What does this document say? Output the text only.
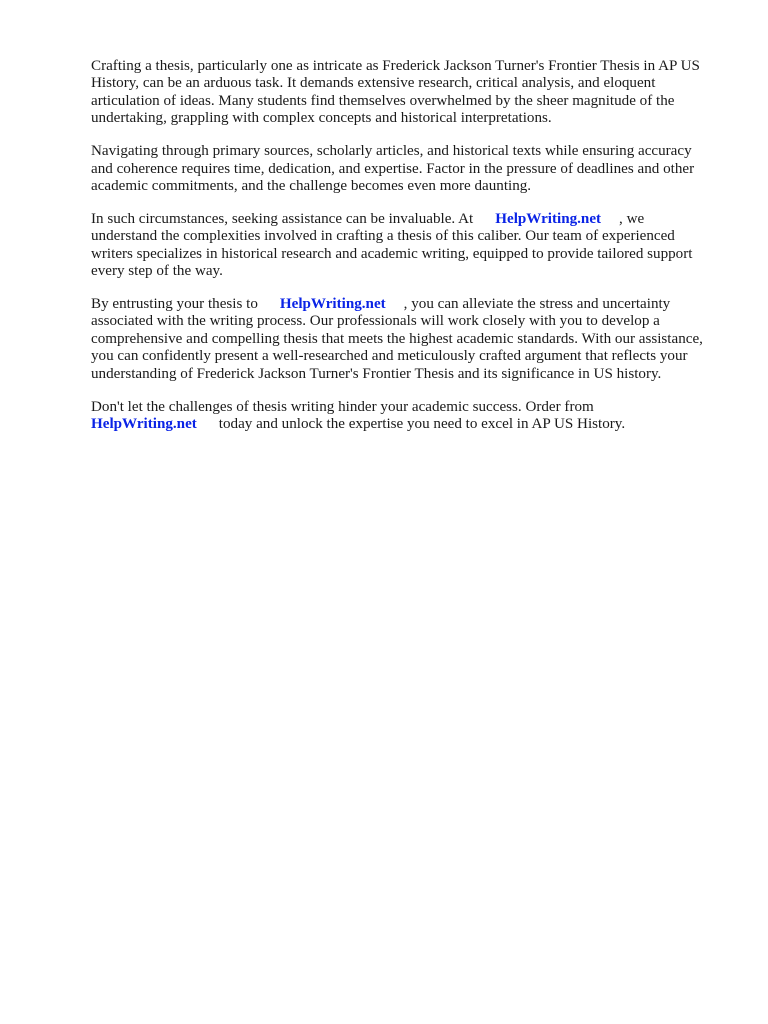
Crafting a thesis, particularly one as intricate as Frederick Jackson Turner's Frontier Thesis in AP US
History, can be an arduous task. It demands extensive research, critical analysis, and eloquent
articulation of ideas. Many students find themselves overwhelmed by the sheer magnitude of the
undertaking, grappling with complex concepts and historical interpretations.

Navigating through primary sources, scholarly articles, and historical texts while ensuring accuracy
and coherence requires time, dedication, and expertise. Factor in the pressure of deadlines and other
academic commitments, and the challenge becomes even more daunting.

In such circumstances, seeking assistance can be invaluable. At HelpWriting.net , we
understand the complexities involved in crafting a thesis of this caliber. Our team of experienced
writers specializes in historical research and academic writing, equipped to provide tailored support
every step of the way.

By entrusting your thesis to HelpWriting.net , you can alleviate the stress and uncertainty
associated with the writing process. Our professionals will work closely with you to develop a
comprehensive and compelling thesis that meets the highest academic standards. With our assistance,
you can confidently present a well-researched and meticulously crafted argument that reflects your
understanding of Frederick Jackson Turner's Frontier Thesis and its significance in US history.

Don't let the challenges of thesis writing hinder your academic success. Order from
HelpWriting.net today and unlock the expertise you need to excel in AP US History.
